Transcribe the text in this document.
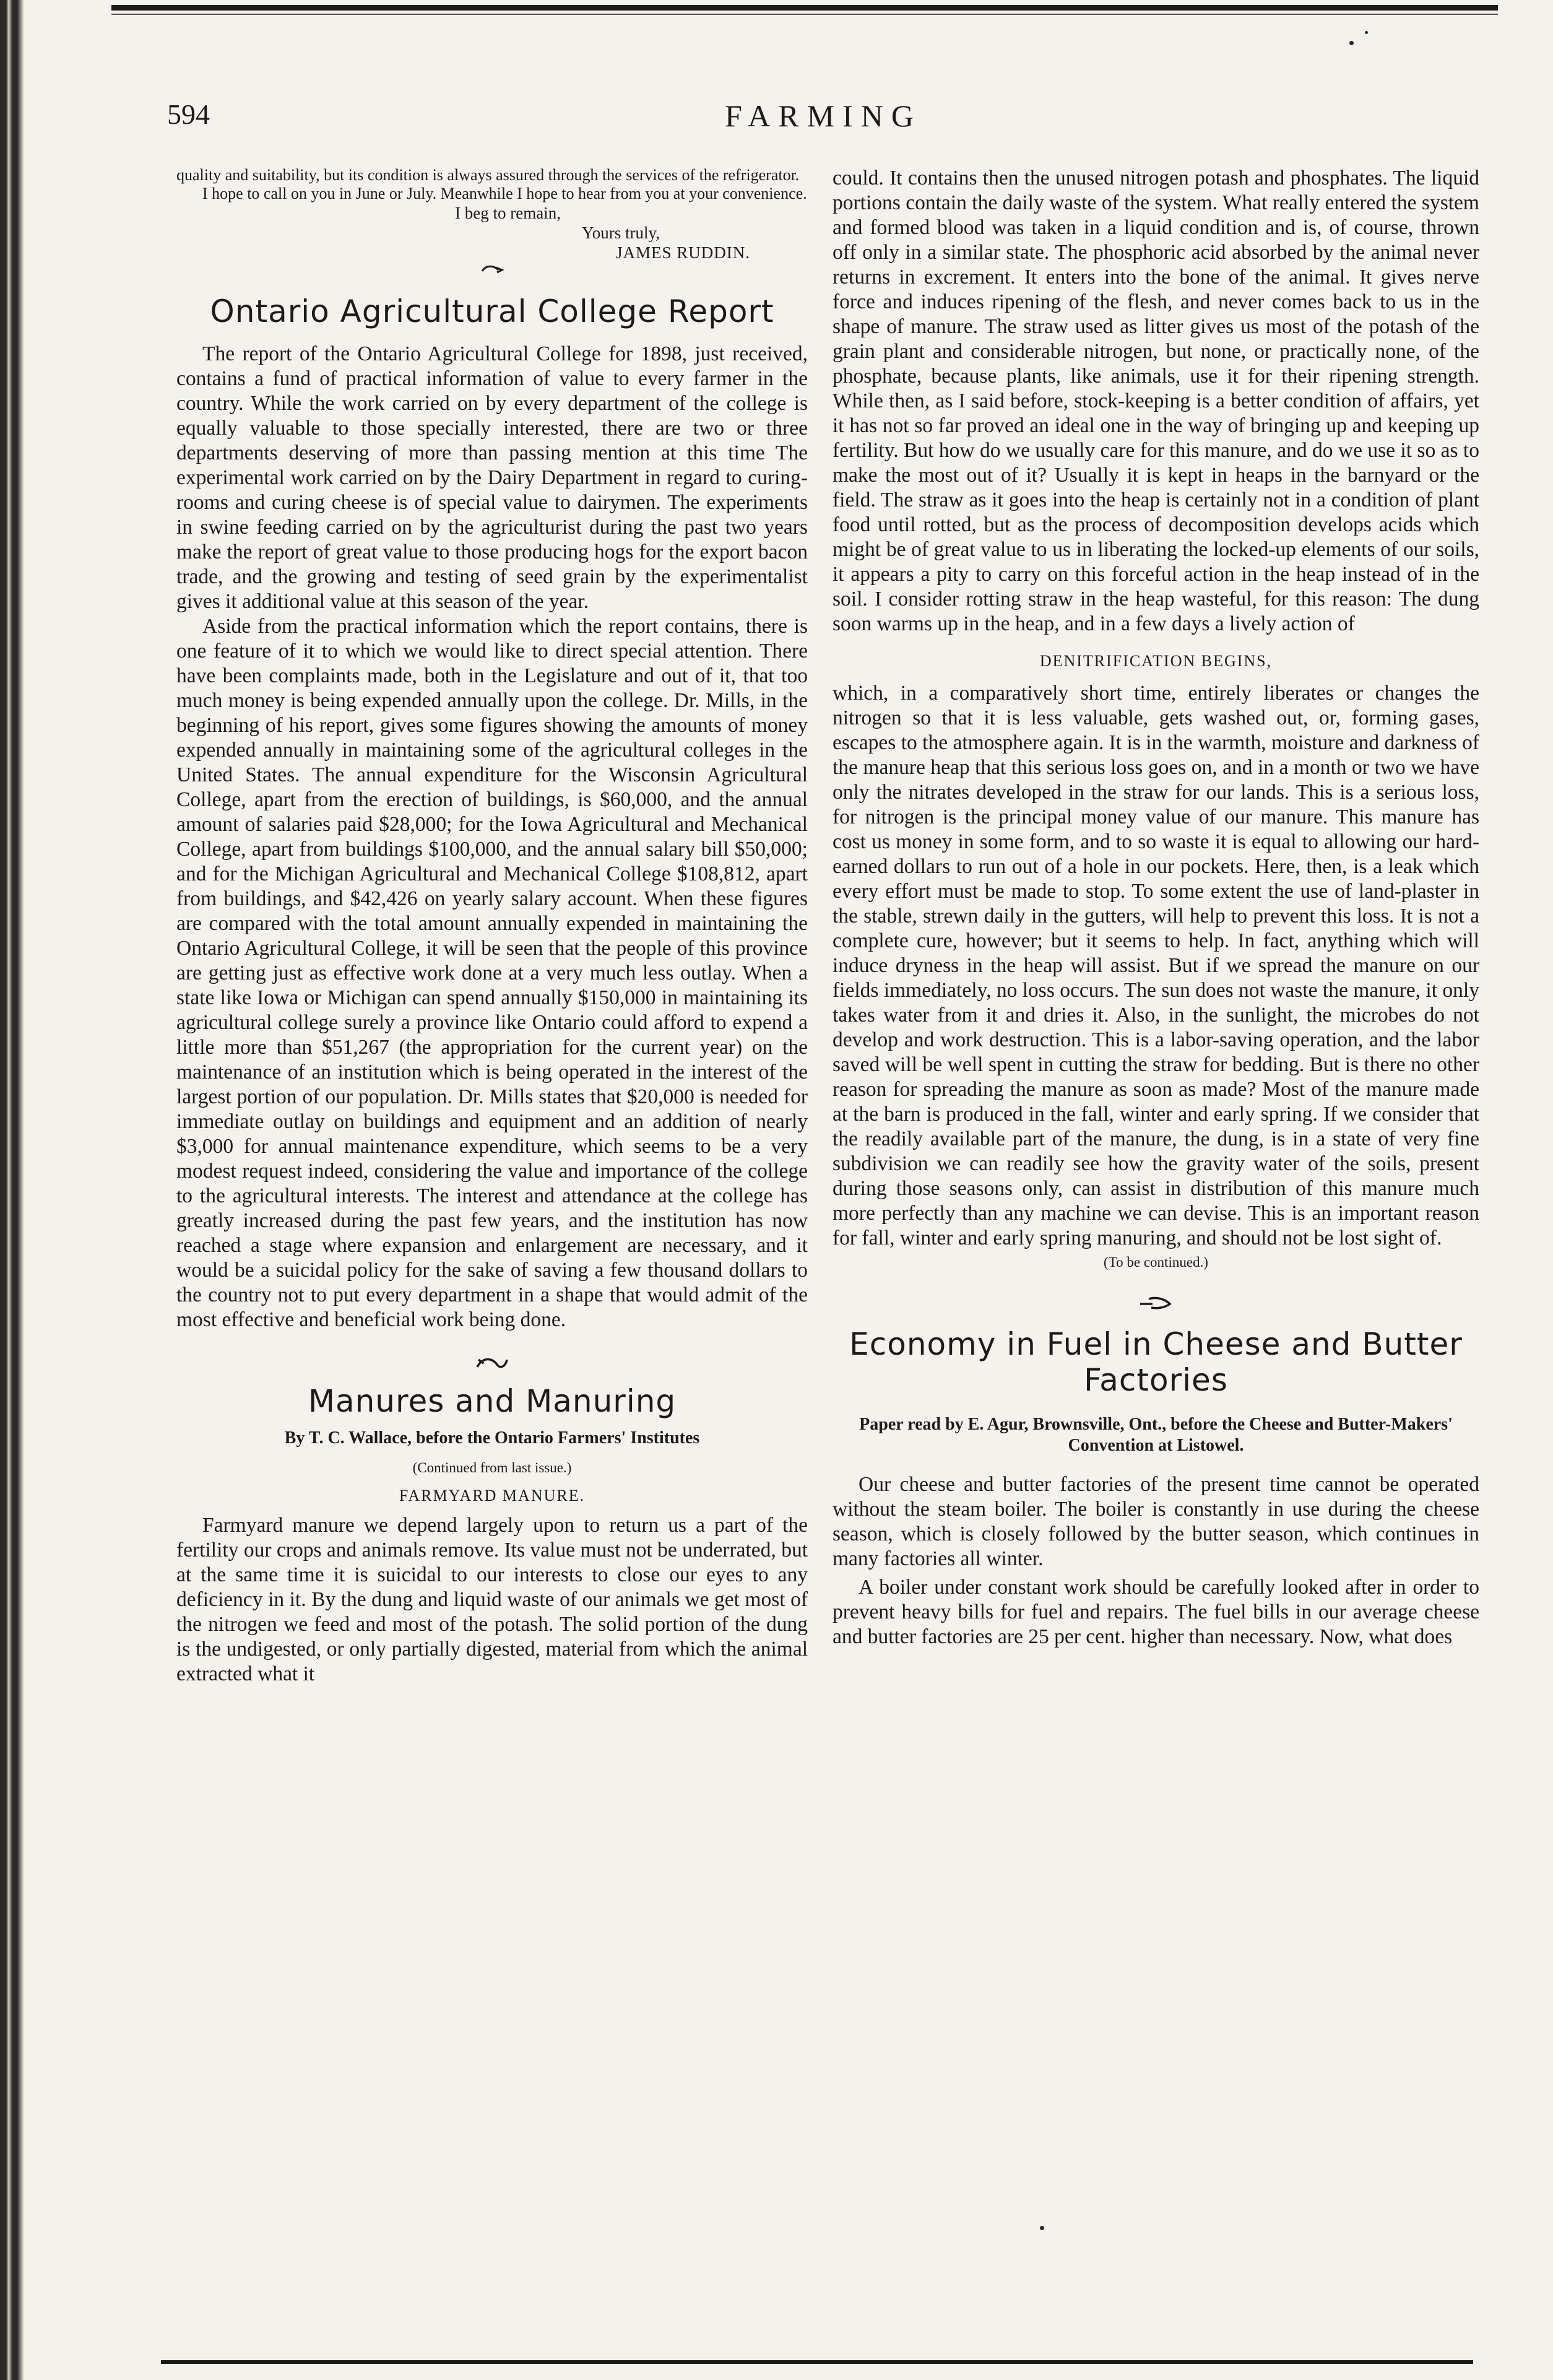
594	FARMING

quality and suitability, but its condition is always assured through the services of the refrigerator.

I hope to call on you in June or July. Meanwhile I hope to hear from you at your convenience.

I beg to remain,
Yours truly,
JAMES RUDDIN.
Ontario Agricultural College Report

The report of the Ontario Agricultural College for 1898, just received, contains a fund of practical information of value to every farmer in the country. While the work carried on by every department of the college is equally valuable to those specially interested, there are two or three departments deserving of more than passing mention at this time The experimental work carried on by the Dairy Department in regard to curing-rooms and curing cheese is of special value to dairymen. The experiments in swine feeding carried on by the agriculturist during the past two years make the report of great value to those producing hogs for the export bacon trade, and the growing and testing of seed grain by the experimentalist gives it additional value at this season of the year.

Aside from the practical information which the report contains, there is one feature of it to which we would like to direct special attention. There have been complaints made, both in the Legislature and out of it, that too much money is being expended annually upon the college. Dr. Mills, in the beginning of his report, gives some figures showing the amounts of money expended annually in maintaining some of the agricultural colleges in the United States. The annual expenditure for the Wisconsin Agricultural College, apart from the erection of buildings, is $60,000, and the annual amount of salaries paid $28,000; for the Iowa Agricultural and Mechanical College, apart from buildings $100,000, and the annual salary bill $50,000; and for the Michigan Agricultural and Mechanical College $108,812, apart from buildings, and $42,426 on yearly salary account. When these figures are compared with the total amount annually expended in maintaining the Ontario Agricultural College, it will be seen that the people of this province are getting just as effective work done at a very much less outlay. When a state like Iowa or Michigan can spend annually $150,000 in maintaining its agricultural college surely a province like Ontario could afford to expend a little more than $51,267 (the appropriation for the current year) on the maintenance of an institution which is being operated in the interest of the largest portion of our population. Dr. Mills states that $20,000 is needed for immediate outlay on buildings and equipment and an addition of nearly $3,000 for annual maintenance expenditure, which seems to be a very modest request indeed, considering the value and importance of the college to the agricultural interests. The interest and attendance at the college has greatly increased during the past few years, and the institution has now reached a stage where expansion and enlargement are necessary, and it would be a suicidal policy for the sake of saving a few thousand dollars to the country not to put every department in a shape that would admit of the most effective and beneficial work being done.

Manures and Manuring
By T. C. Wallace, before the Ontario Farmers' Institutes
(Continued from last issue.)
FARMYARD MANURE.

Farmyard manure we depend largely upon to return us a part of the fertility our crops and animals remove. Its value must not be underrated, but at the same time it is suicidal to our interests to close our eyes to any deficiency in it. By the dung and liquid waste of our animals we get most of the nitrogen we feed and most of the potash. The solid portion of the dung is the undigested, or only partially digested, material from which the animal extracted what it

could. It contains then the unused nitrogen potash and phosphates. The liquid portions contain the daily waste of the system. What really entered the system and formed blood was taken in a liquid condition and is, of course, thrown off only in a similar state. The phosphoric acid absorbed by the animal never returns in excrement. It enters into the bone of the animal. It gives nerve force and induces ripening of the flesh, and never comes back to us in the shape of manure. The straw used as litter gives us most of the potash of the grain plant and considerable nitrogen, but none, or practically none, of the phosphate, because plants, like animals, use it for their ripening strength. While then, as I said before, stock-keeping is a better condition of affairs, yet it has not so far proved an ideal one in the way of bringing up and keeping up fertility. But how do we usually care for this manure, and do we use it so as to make the most out of it? Usually it is kept in heaps in the barnyard or the field. The straw as it goes into the heap is certainly not in a condition of plant food until rotted, but as the process of decomposition develops acids which might be of great value to us in liberating the locked-up elements of our soils, it appears a pity to carry on this forceful action in the heap instead of in the soil. I consider rotting straw in the heap wasteful, for this reason: The dung soon warms up in the heap, and in a few days a lively action of

DENITRIFICATION BEGINS,

which, in a comparatively short time, entirely liberates or changes the nitrogen so that it is less valuable, gets washed out, or, forming gases, escapes to the atmosphere again. It is in the warmth, moisture and darkness of the manure heap that this serious loss goes on, and in a month or two we have only the nitrates developed in the straw for our lands. This is a serious loss, for nitrogen is the principal money value of our manure. This manure has cost us money in some form, and to so waste it is equal to allowing our hard-earned dollars to run out of a hole in our pockets. Here, then, is a leak which every effort must be made to stop. To some extent the use of land-plaster in the stable, strewn daily in the gutters, will help to prevent this loss. It is not a complete cure, however; but it seems to help. In fact, anything which will induce dryness in the heap will assist. But if we spread the manure on our fields immediately, no loss occurs. The sun does not waste the manure, it only takes water from it and dries it. Also, in the sunlight, the microbes do not develop and work destruction. This is a labor-saving operation, and the labor saved will be well spent in cutting the straw for bedding. But is there no other reason for spreading the manure as soon as made? Most of the manure made at the barn is produced in the fall, winter and early spring. If we consider that the readily available part of the manure, the dung, is in a state of very fine subdivision we can readily see how the gravity water of the soils, present during those seasons only, can assist in distribution of this manure much more perfectly than any machine we can devise. This is an important reason for fall, winter and early spring manuring, and should not be lost sight of.

(To be continued.)
Economy in Fuel in Cheese and Butter Factories
Paper read by E. Agur, Brownsville, Ont., before the Cheese and Butter-Makers' Convention at Listowel.

Our cheese and butter factories of the present time cannot be operated without the steam boiler. The boiler is constantly in use during the cheese season, which is closely followed by the butter season, which continues in many factories all winter.

A boiler under constant work should be carefully looked after in order to prevent heavy bills for fuel and repairs. The fuel bills in our average cheese and butter factories are 25 per cent. higher than necessary. Now, what does
